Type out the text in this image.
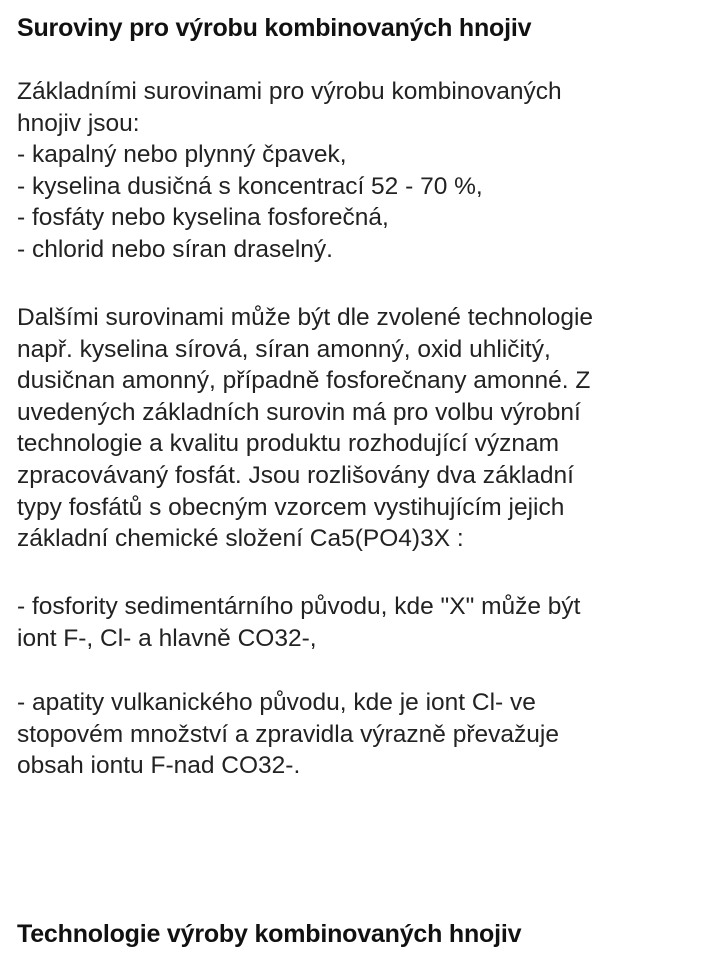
Suroviny pro výrobu kombinovaných hnojiv

Základními surovinami pro výrobu kombinovaných
hnojiv jsou:
- kapalný nebo plynný čpavek,
- kyselina dusičná s koncentrací 52 - 70 %,
- fosfáty nebo kyselina fosforečná,
- chlorid nebo síran draselný.

Dalšími surovinami může být dle zvolené technologie
např. kyselina sírová, síran amonný, oxid uhličitý,
dusičnan amonný, případně fosforečnany amonné. Z
uvedených základních surovin má pro volbu výrobní
technologie a kvalitu produktu rozhodující význam
zpracovávaný fosfát. Jsou rozlišovány dva základní
typy fosfátů s obecným vzorcem vystihujícím jejich
základní chemické složení Ca5(PO4)3X :

- fosfority sedimentárního původu, kde "X" může být
iont F-, Cl- a hlavně CO32-,

- apatity vulkanického původu, kde je iont Cl- ve
stopovém množství a zpravidla výrazně převažuje
obsah iontu F-nad CO32-.

Technologie výroby kombinovaných hnojiv
